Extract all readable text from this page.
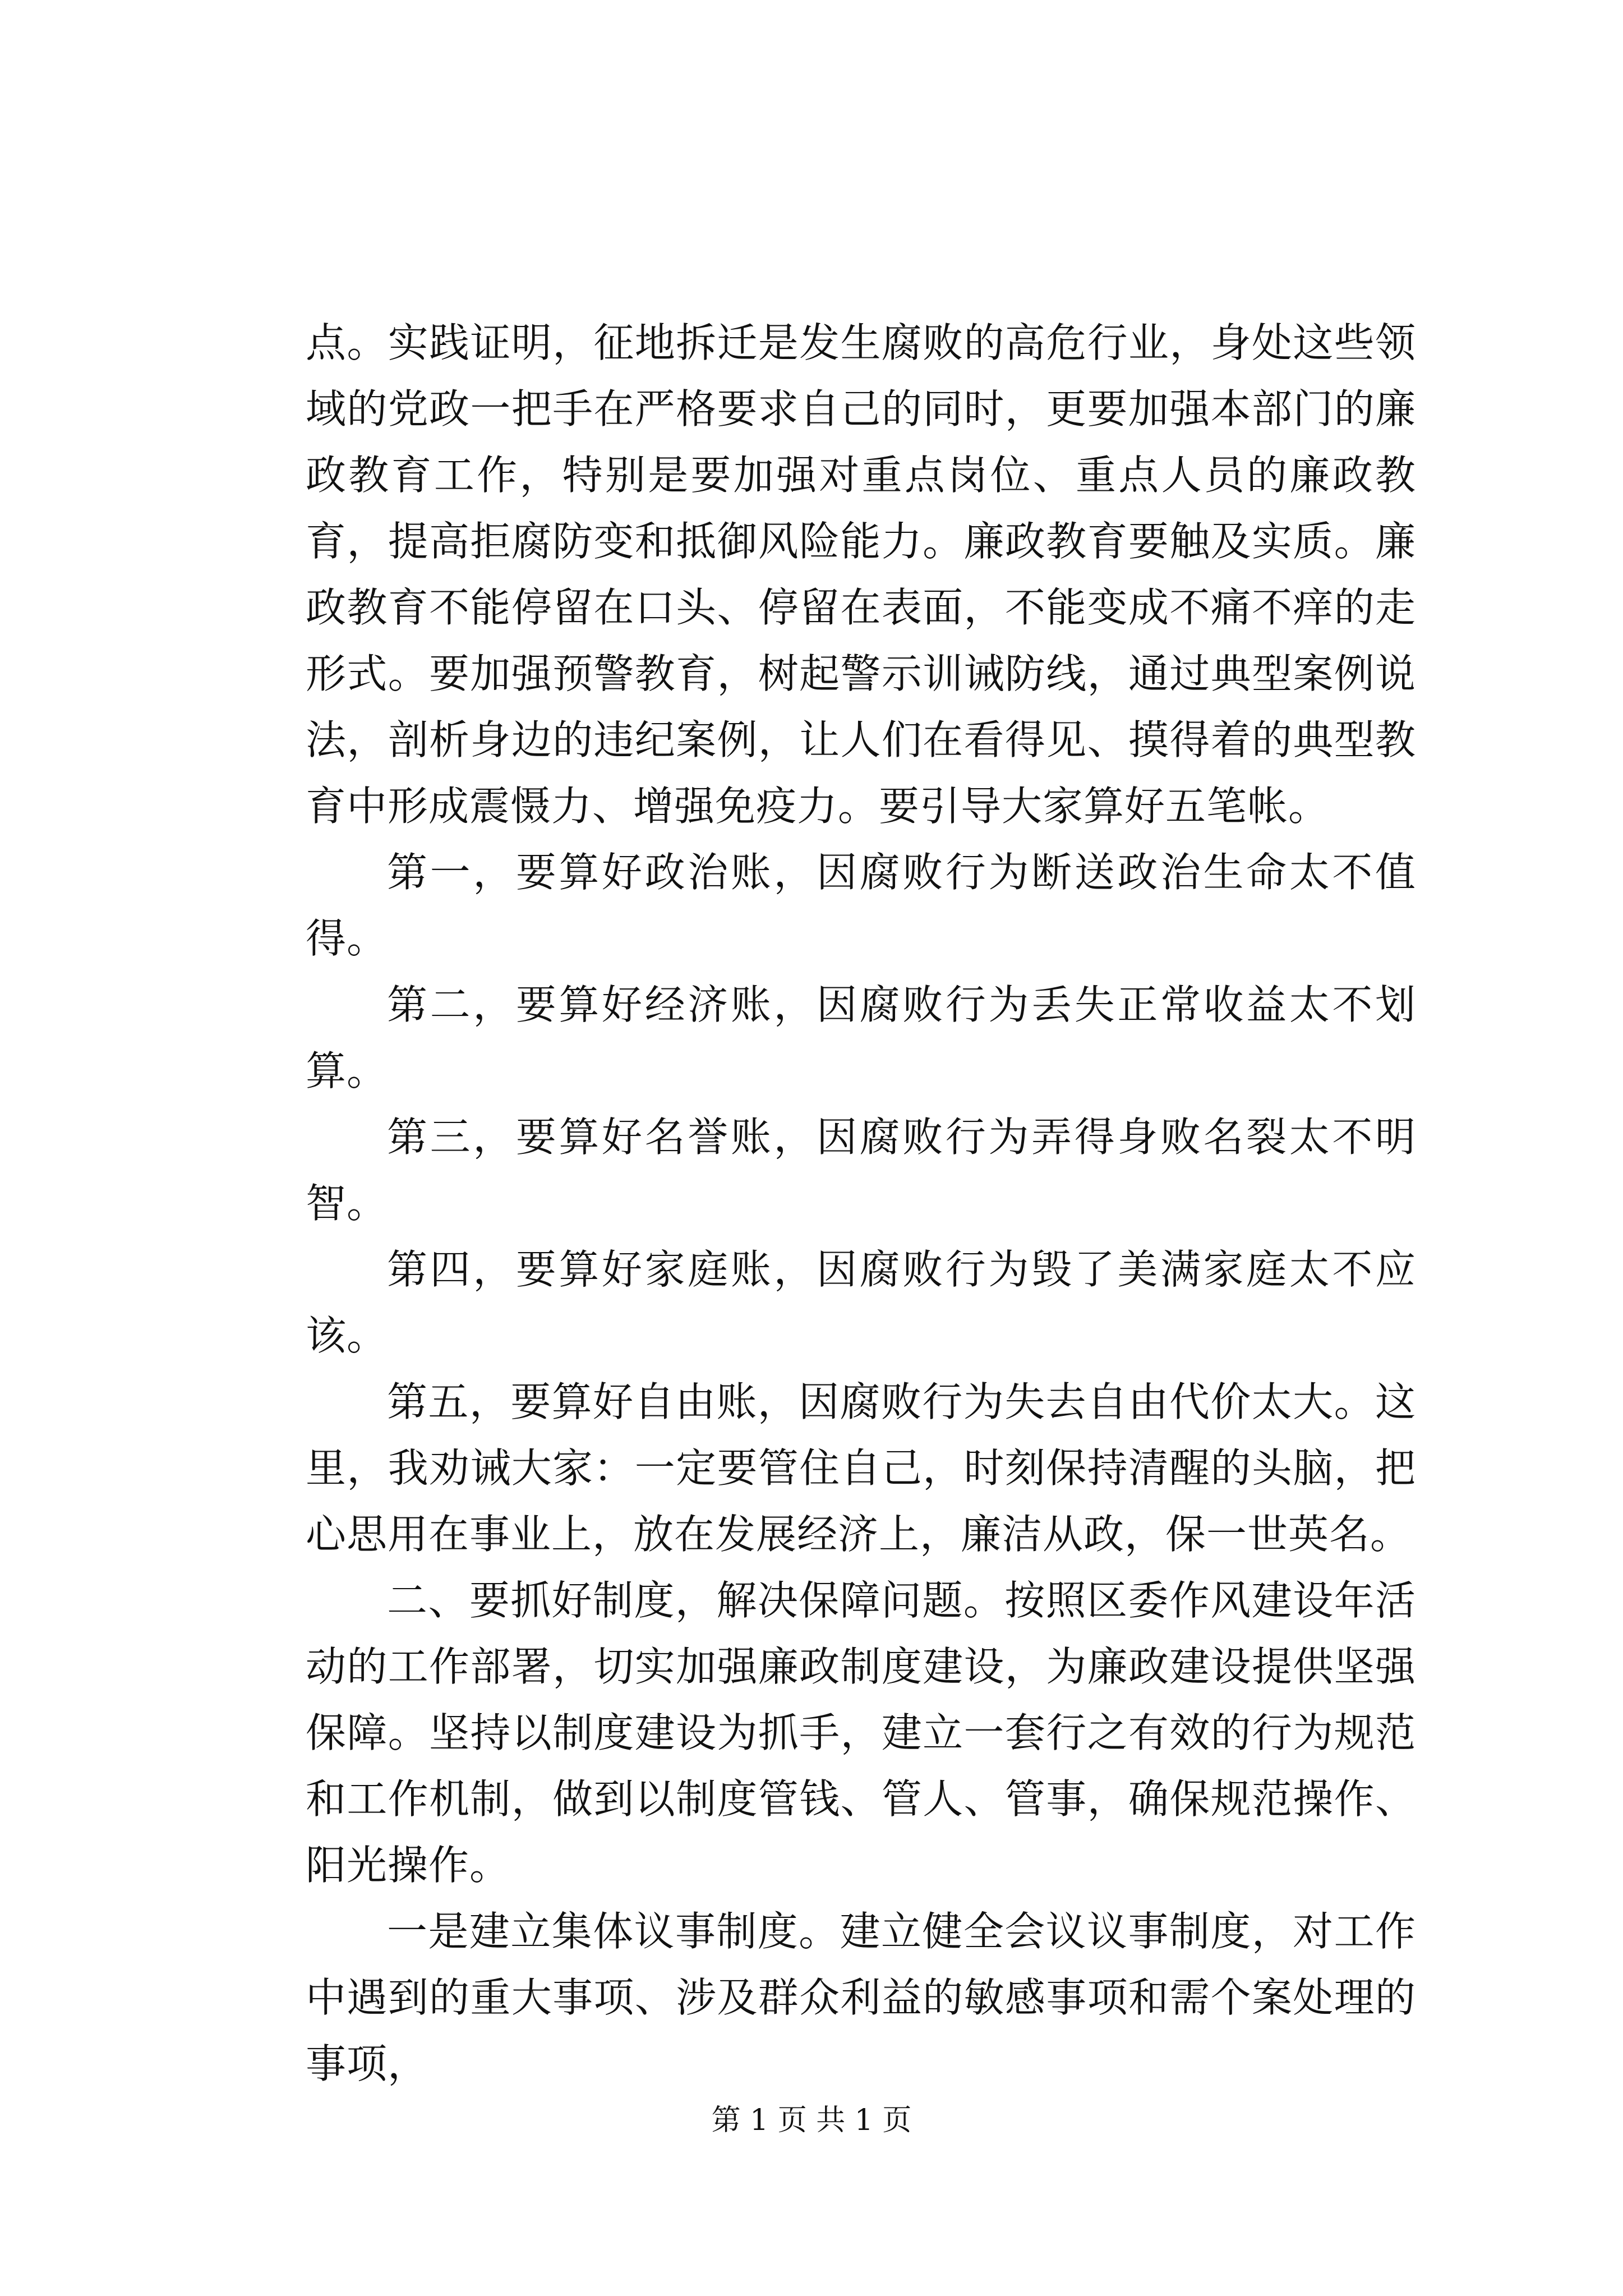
点。实践证明，征地拆迁是发生腐败的高危行业，身处这些领域的党政一把手在严格要求自己的同时，更要加强本部门的廉政教育工作，特别是要加强对重点岗位、重点人员的廉政教育，提高拒腐防变和抵御风险能力。廉政教育要触及实质。廉政教育不能停留在口头、停留在表面，不能变成不痛不痒的走形式。要加强预警教育，树起警示训诫防线，通过典型案例说法，剖析身边的违纪案例，让人们在看得见、摸得着的典型教育中形成震慑力、增强免疫力。要引导大家算好五笔帐。

第一，要算好政治账，因腐败行为断送政治生命太不值得。

第二，要算好经济账，因腐败行为丢失正常收益太不划算。

第三，要算好名誉账，因腐败行为弄得身败名裂太不明智。

第四，要算好家庭账，因腐败行为毁了美满家庭太不应该。

第五，要算好自由账，因腐败行为失去自由代价太大。这里，我劝诫大家：一定要管住自己，时刻保持清醒的头脑，把心思用在事业上，放在发展经济上，廉洁从政，保一世英名。

二、要抓好制度，解决保障问题。按照区委作风建设年活动的工作部署，切实加强廉政制度建设，为廉政建设提供坚强保障。坚持以制度建设为抓手，建立一套行之有效的行为规范和工作机制，做到以制度管钱、管人、管事，确保规范操作、阳光操作。

一是建立集体议事制度。建立健全会议议事制度，对工作中遇到的重大事项、涉及群众利益的敏感事项和需个案处理的事项，

第 1 页 共 1 页
